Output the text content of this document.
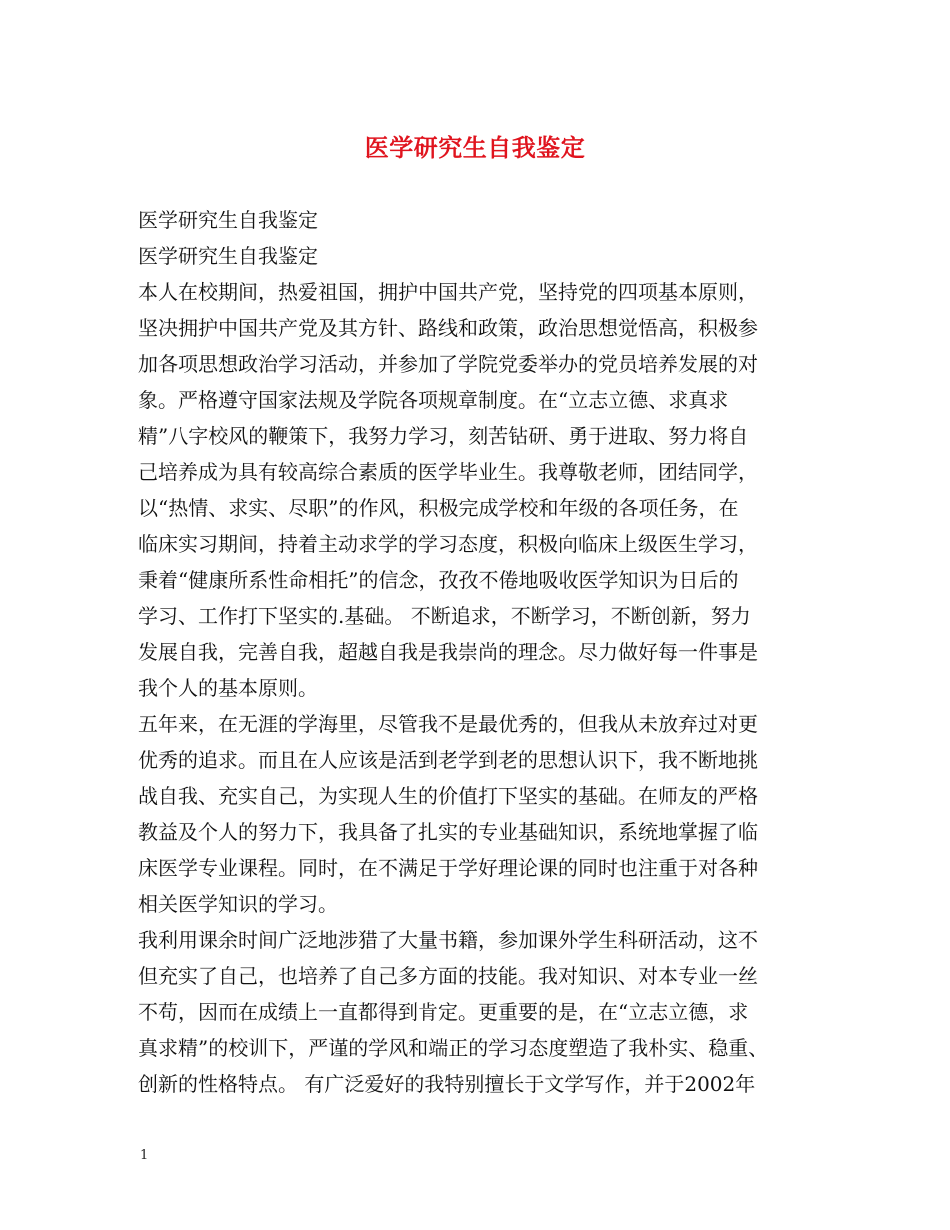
医学研究生自我鉴定

医学研究生自我鉴定

医学研究生自我鉴定

本人在校期间，热爱祖国，拥护中国共产党，坚持党的四项基本原则，

坚决拥护中国共产党及其方针、路线和政策，政治思想觉悟高，积极参

加各项思想政治学习活动，并参加了学院党委举办的党员培养发展的对

象。严格遵守国家法规及学院各项规章制度。在“立志立德、求真求

精”八字校风的鞭策下，我努力学习，刻苦钻研、勇于进取、努力将自

己培养成为具有较高综合素质的医学毕业生。我尊敬老师，团结同学，

以“热情、求实、尽职”的作风，积极完成学校和年级的各项任务，在

临床实习期间，持着主动求学的学习态度，积极向临床上级医生学习，

秉着“健康所系性命相托”的信念，孜孜不倦地吸收医学知识为日后的

学习、工作打下坚实的.基础。 不断追求，不断学习，不断创新，努力

发展自我，完善自我，超越自我是我崇尚的理念。尽力做好每一件事是

我个人的基本原则。

五年来，在无涯的学海里，尽管我不是最优秀的，但我从未放弃过对更

优秀的追求。而且在人应该是活到老学到老的思想认识下，我不断地挑

战自我、充实自己，为实现人生的价值打下坚实的基础。在师友的严格

教益及个人的努力下，我具备了扎实的专业基础知识，系统地掌握了临

床医学专业课程。同时，在不满足于学好理论课的同时也注重于对各种

相关医学知识的学习。

我利用课余时间广泛地涉猎了大量书籍，参加课外学生科研活动，这不

但充实了自己，也培养了自己多方面的技能。我对知识、对本专业一丝

不苟，因而在成绩上一直都得到肯定。更重要的是，在“立志立德，求

真求精”的校训下，严谨的学风和端正的学习态度塑造了我朴实、稳重、

创新的性格特点。 有广泛爱好的我特别擅长于文学写作，并于2002年

1
